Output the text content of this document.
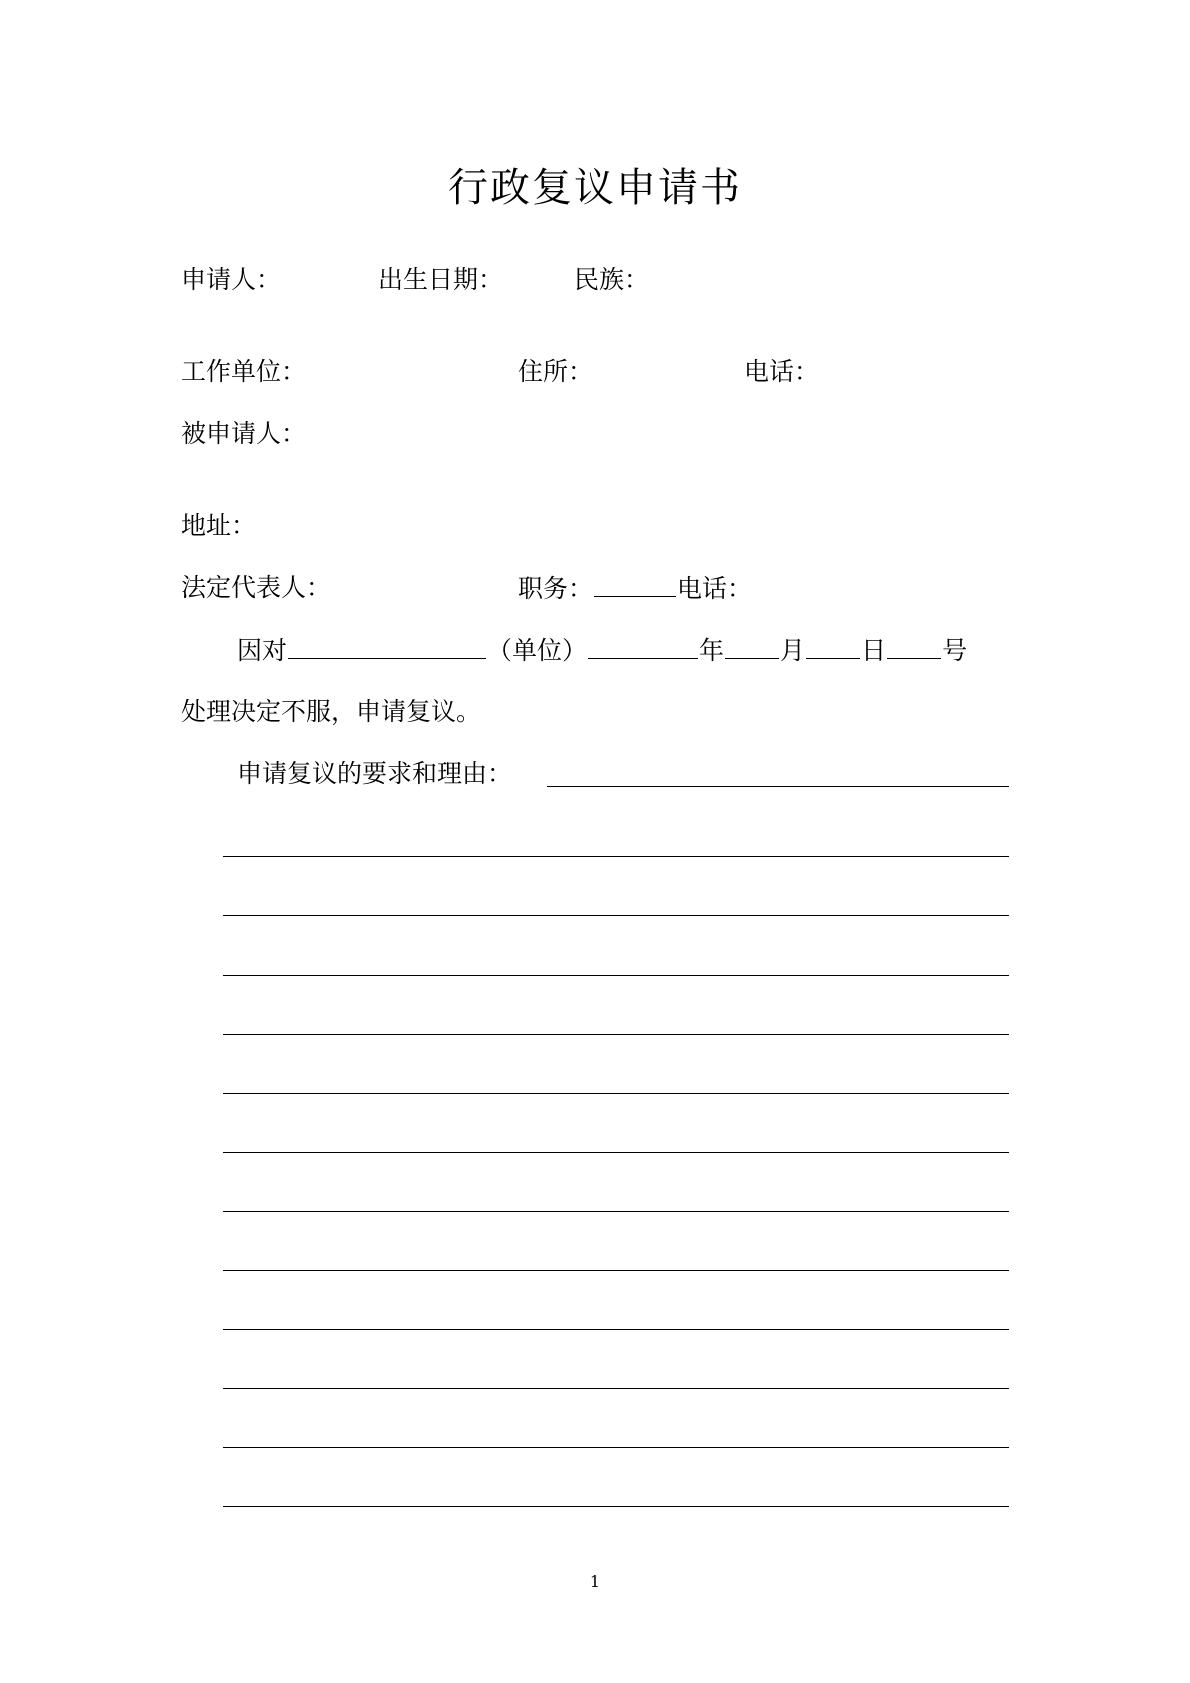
行政复议申请书
申请人：	出生日期：	民族：
工作单位：	住所：	电话：
被申请人：
地址：
法定代表人：	职务：	电话：
因对	（单位）	年 月 日 号
处理决定不服，申请复议。
申请复议的要求和理由：
1
